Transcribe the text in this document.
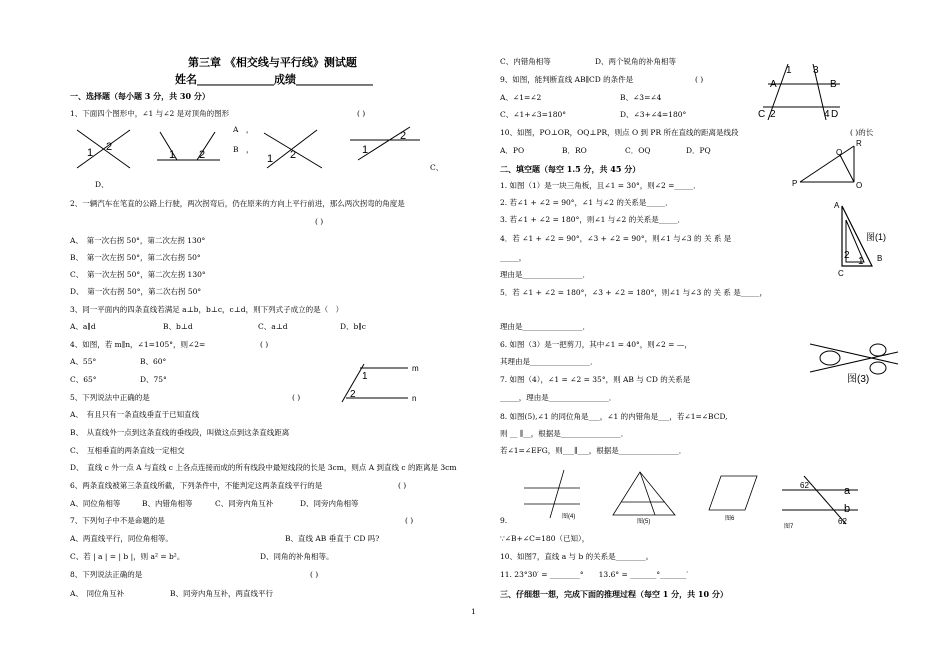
第三章 《相交线与平行线》测试题
姓名______________成绩______________
一、选择题（每小题 3 分，共 30 分）
1、下面四个图形中，∠1 与∠2 是对顶角的图形	( )
A　，
B　，
C、
D、
1 2
1 2	1 2	1
2
2、一辆汽车在笔直的公路上行驶，两次拐弯后，仍在原来的方向上平行前进，那么两次拐弯的角度是
( )
A、　第一次右拐 50°，第二次左拐 130°
B、　第一次左拐 50°，第二次右拐 50°
C、　第一次左拐 50°，第二次左拐 130°
D、　第一次右拐 50°，第二次右拐 50°
3、同一平面内的四条直线若满足 a⊥b，b⊥c，c⊥d，则下列式子成立的是（　）
A、a∥d	B、b⊥d	C、a⊥d	D、b∥c
4、如图，若 m∥n，∠1=105°，则∠2=	( )
A、55°	B、60°
C、65°	D、75°
m
n
1
2
5、下列说法中正确的是	( )
A、　有且只有一条直线垂直于已知直线
B、　从直线外一点到这条直线的垂线段，叫做这点到这条直线距离
C、　互相垂直的两条直线一定相交
D、　直线 c 外一点 A 与直线 c 上各点连接而成的所有线段中最短线段的长是 3cm，则点 A 到直线 c 的距离是 3cm
6、两条直线被第三条直线所截，下列条件中，不能判定这两条直线平行的是	( )
A、同位角相等	B、内错角相等	C、同旁内角互补	D、同旁内角相等
7、下列句子中不是命题的是	( )
A、两直线平行，同位角相等。	B、直线 AB 垂直于 CD 吗?
C、若 | a | = | b |，则 a² = b²。	D、同角的补角相等。
8、下列说法正确的是	( )
A、　同位角互补	B、同旁内角互补，两直线平行
C、内错角相等	D、两个锐角的补角相等
9、如图，能判断直线 AB∥CD 的条件是	( )
A、∠1=∠2	B、∠3=∠4
C、∠1+∠3=180°	D、∠3+∠4=180°
A
1 3
B
C 2	4 D
10、如图，PO⊥OR，OQ⊥PR，则点 O 到 PR 所在直线的距离是线段	( )的长
A．PO	B．RO	C．OQ	D．PQ
R
Q
P	O
二、填空题（每空 1.5 分，共 45 分）
1. 如图（1）是一块三角板，且∠1 = 30°，则∠2 =_____．
2. 若∠1 + ∠2 = 90°，∠1 与∠2 的关系是_____．
3. 若∠1 + ∠2 = 180°，则∠1 与∠2 的关系是_____．
4．若 ∠1 + ∠2 = 90°，∠3 + ∠2 = 90°，则∠1 与∠3 的 关 系 是
_____，
理由是________________．
5．若 ∠1 + ∠2 = 180°，∠3 + ∠2 = 180°，则∠1 与∠3 的 关 系 是_____，
理由是________________．
A
B
C
2
1
图(1)
6. 如图（3）是一把剪刀，其中∠1 = 40°，则∠2 = —，
其理由是________________．
图(3)
7. 如图（4），∠1 = ∠2 = 35°，则 AB 与 CD 的关系是
_____，理由是________________．
8. 如图(5),∠1 的同位角是___，∠1 的内错角是___，若∠1=∠BCD,
则 __ ∥__，根据是________________．
若∠1=∠EFG，则___∥___，根据是________________．
图(4)
图(5)	图6
62	a
b
62
图7
9.
∵∠B+∠C=180（已知），
10、如图7，直线 a 与 b 的关系是________。
11. 23°30′ = ________°　　13.6° = _______°_______′
三、仔细想一想，完成下面的推理过程（每空 1 分，共 10 分）
1
